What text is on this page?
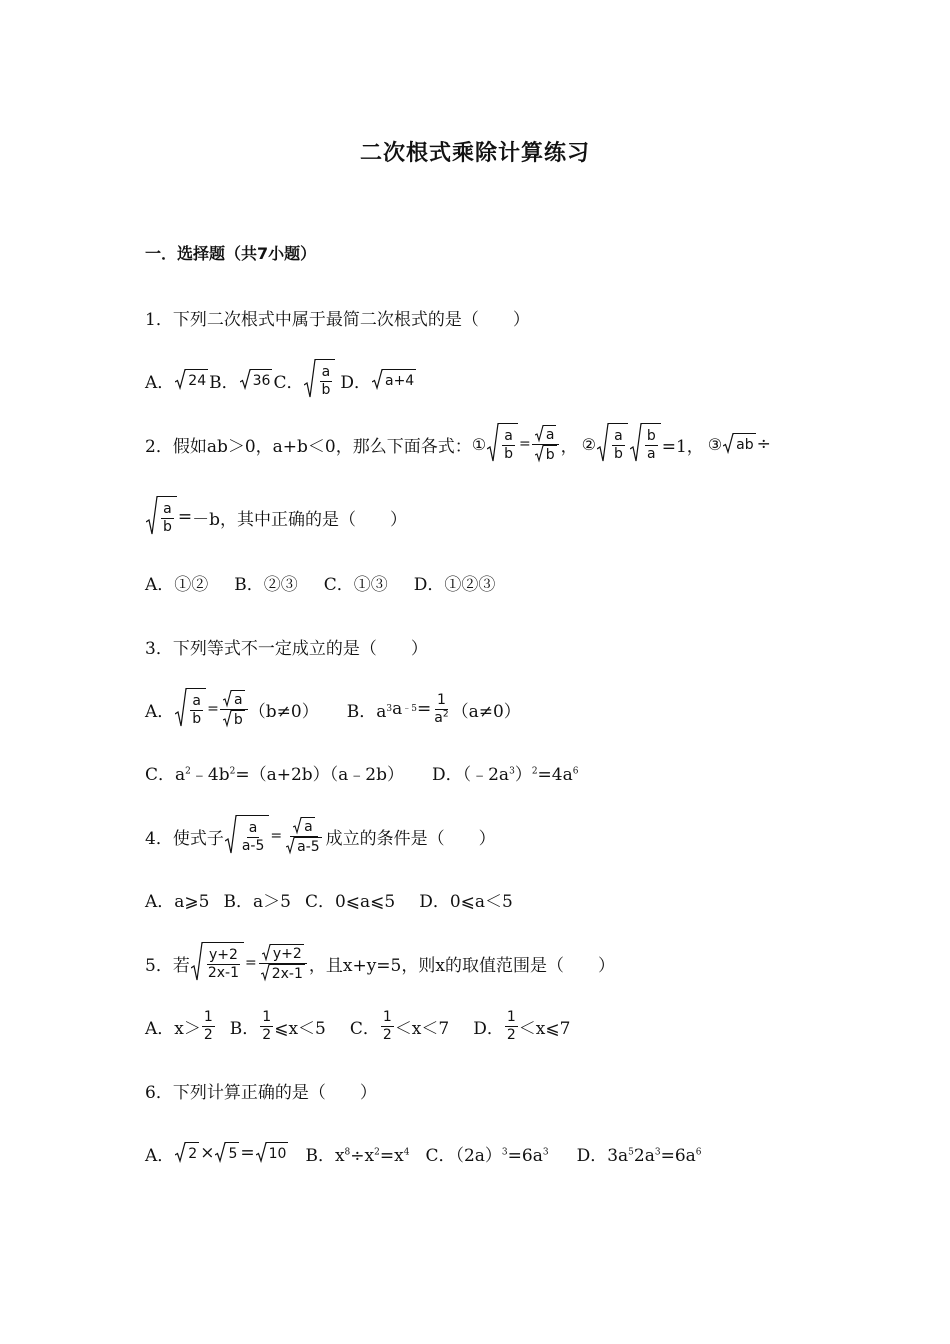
二次根式乘除计算练习
一．选择题（共7小题）
1．下列二次根式中属于最简二次根式的是（　　）
A． 24 B． 36 C． $\frac{a}{b}$ D． a+4
2．假如ab＞0，a+b＜0，那么下面各式： ① $\frac{a}{b} = \frac{a}{b}$ ， ② $\frac{a}{b} \frac{b}{a} =1$， ③ ab ÷
$\frac{a}{b} = -b$，其中正确的是（　　）
A．①② B．②③ C．①③ D．①②③
3．下列等式不一定成立的是（　　）
A． $\frac{a}{b} = \frac{a}{b} (b\ne 0)$ B．a 3 a ﹣5 = $\frac{1}{a^2} (a\ne 0)$
C．$a^2﹣4b^2=(a+2b)(a﹣2b)$ D．$(﹣2a^3)^2=4a^6$
4．使式子 $\frac{a}{a-5} = \frac{a}{a-5}$ 成立的条件是（　　）
A．a⩾5 B．a＞5 C．0⩽a⩽5 D．0⩽a＜5
5．若 $\frac{y+2}{2x-1} = \frac{y+2}{2x-1}$ ，且x+y=5，则x的取值范围是（　　）
A．$x> \frac{1}{2}$ B． $\frac{1}{2}$ ⩽x＜5 C． $\frac{1}{2} <x<7$ D． $\frac{1}{2}$ ＜x⩽7
6．下列计算正确的是（　　）
A． 2 × 5 = 10 B．$x^8\div x^2=x^4$ C．$(2a)^3=6a^3$ D．$3a^52a^3=6a^6$
